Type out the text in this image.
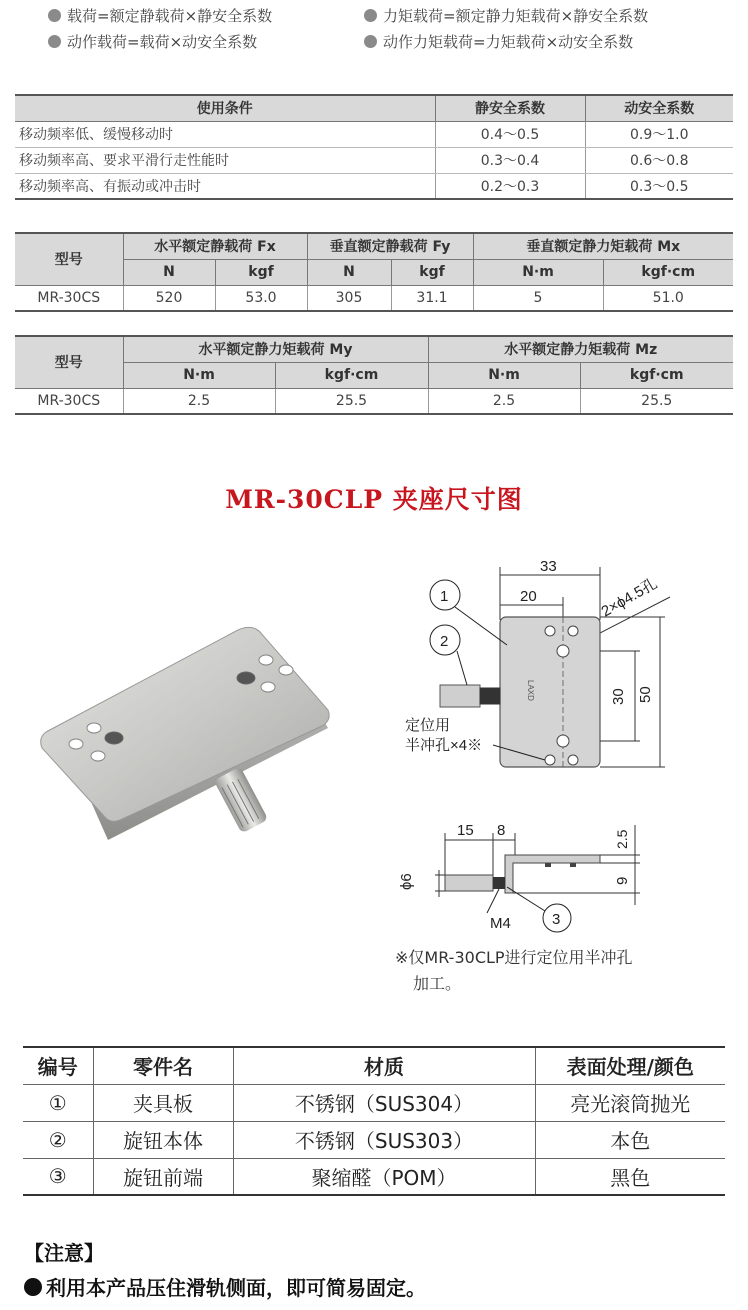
载荷=额定静载荷×静安全系数	力矩载荷=额定静力矩载荷×静安全系数
动作载荷=载荷×动安全系数	动作力矩载荷=力矩载荷×动安全系数
使用条件	静安全系数	动安全系数
移动频率低、缓慢移动时	0.4～0.5	0.9～1.0
移动频率高、要求平滑行走性能时	0.3～0.4	0.6～0.8
移动频率高、有振动或冲击时	0.2～0.3	0.3～0.5
型号	水平额定静载荷 Fx		垂直额定静载荷 Fy		垂直额定静力矩载荷 Mx	
	N	kgf	N	kgf	N·m	kgf·cm
MR-30CS	520	53.0	305	31.1	5	51.0
型号	水平额定静力矩载荷 My		水平额定静力矩载荷 Mz	
	N·m	kgf·cm	N·m	kgf·cm
MR-30CS	2.5	25.5	2.5	25.5
MR-30CLP 夹座尺寸图
33
20	2×ϕ4.5孔
LAXD	30 50
1
2
定位用
半冲孔×4※
15 8
ϕ6
2.5
9
M4	3
※仅MR-30CLP进行定位用半冲孔
加工。
编号	零件名	材质	表面处理/颜色
①	夹具板	不锈钢（SUS304）	亮光滚筒抛光
②	旋钮本体	不锈钢（SUS303）	本色
③	旋钮前端	聚缩醛（POM）	黑色
【注意】
利用本产品压住滑轨侧面，即可简易固定。
